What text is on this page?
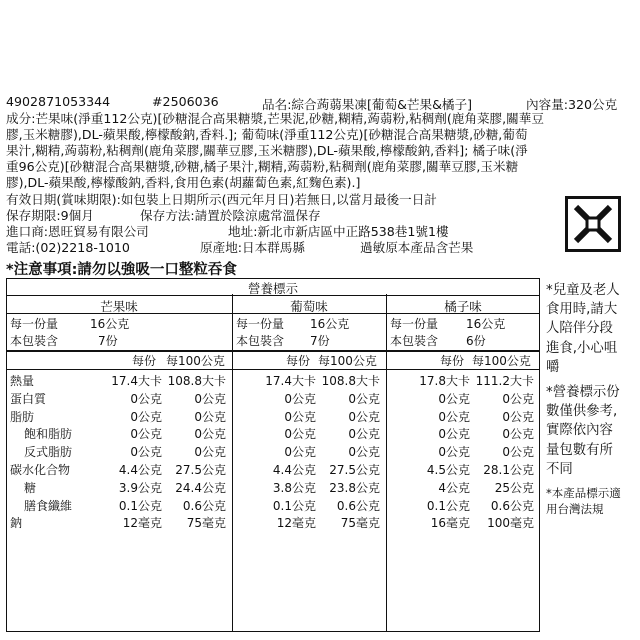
4902871053344	#2506036	品名:綜合蒟蒻果凍[葡萄&芒果&橘子]	內容量:320公克
成分:芒果味(淨重112公克)[砂糖混合高果糖漿,芒果泥,砂糖,糊精,蒟蒻粉,粘稠劑(鹿角菜膠,關華豆
膠,玉米糖膠),DL-蘋果酸,檸檬酸鈉,香料.]; 葡萄味(淨重112公克)[砂糖混合高果糖漿,砂糖,葡萄
果汁,糊精,蒟蒻粉,粘稠劑(鹿角菜膠,關華豆膠,玉米糖膠),DL-蘋果酸,檸檬酸鈉,香料]; 橘子味(淨
重96公克)[砂糖混合高果糖漿,砂糖,橘子果汁,糊精,蒟蒻粉,粘稠劑(鹿角菜膠,關華豆膠,玉米糖
膠),DL-蘋果酸,檸檬酸鈉,香料,食用色素(胡蘿蔔色素,紅麴色素).]
有效日期(賞味期限):如包裝上日期所示(西元年月日)若無日,以當月最後一日計
保存期限:9個月	保存方法:請置於陰涼處常溫保存
進口商:恩旺貿易有限公司	地址:新北市新店區中正路538巷1號1樓
電話:(02)2218-1010	原產地:日本群馬縣	過敏原本產品含芒果
*注意事項:請勿以強吸一口整粒吞食
營養標示
芒果味	葡萄味	橘子味
每一份量	16公克
本包裝含	7份
每一份量 16公克
本包裝含 7份
每一份量 16公克
本包裝含 6份
每份 每100公克	每份 每100公克	每份 每100公克
熱量	17.4大卡 108.8大卡	17.4大卡 108.8大卡	17.8大卡 111.2大卡
蛋白質	0公克	0公克	0公克	0公克	0公克	0公克
脂肪	0公克	0公克	0公克	0公克	0公克	0公克
飽和脂肪	0公克	0公克	0公克	0公克	0公克	0公克
反式脂肪	0公克	0公克	0公克	0公克	0公克	0公克
碳水化合物	4.4公克	27.5公克	4.4公克	27.5公克	4.5公克	28.1公克
糖	3.9公克	24.4公克	3.8公克	23.8公克	4公克	25公克
膳食纖維	0.1公克	0.6公克	0.1公克	0.6公克	0.1公克	0.6公克
鈉	12毫克	75毫克	12毫克	75毫克	16毫克	100毫克
*兒童及老人
食用時,請大
人陪伴分段
進食,小心咀
嚼
*營養標示份
數僅供參考,
實際依內容
量包數有所
不同
*本產品標示適
用台灣法規
